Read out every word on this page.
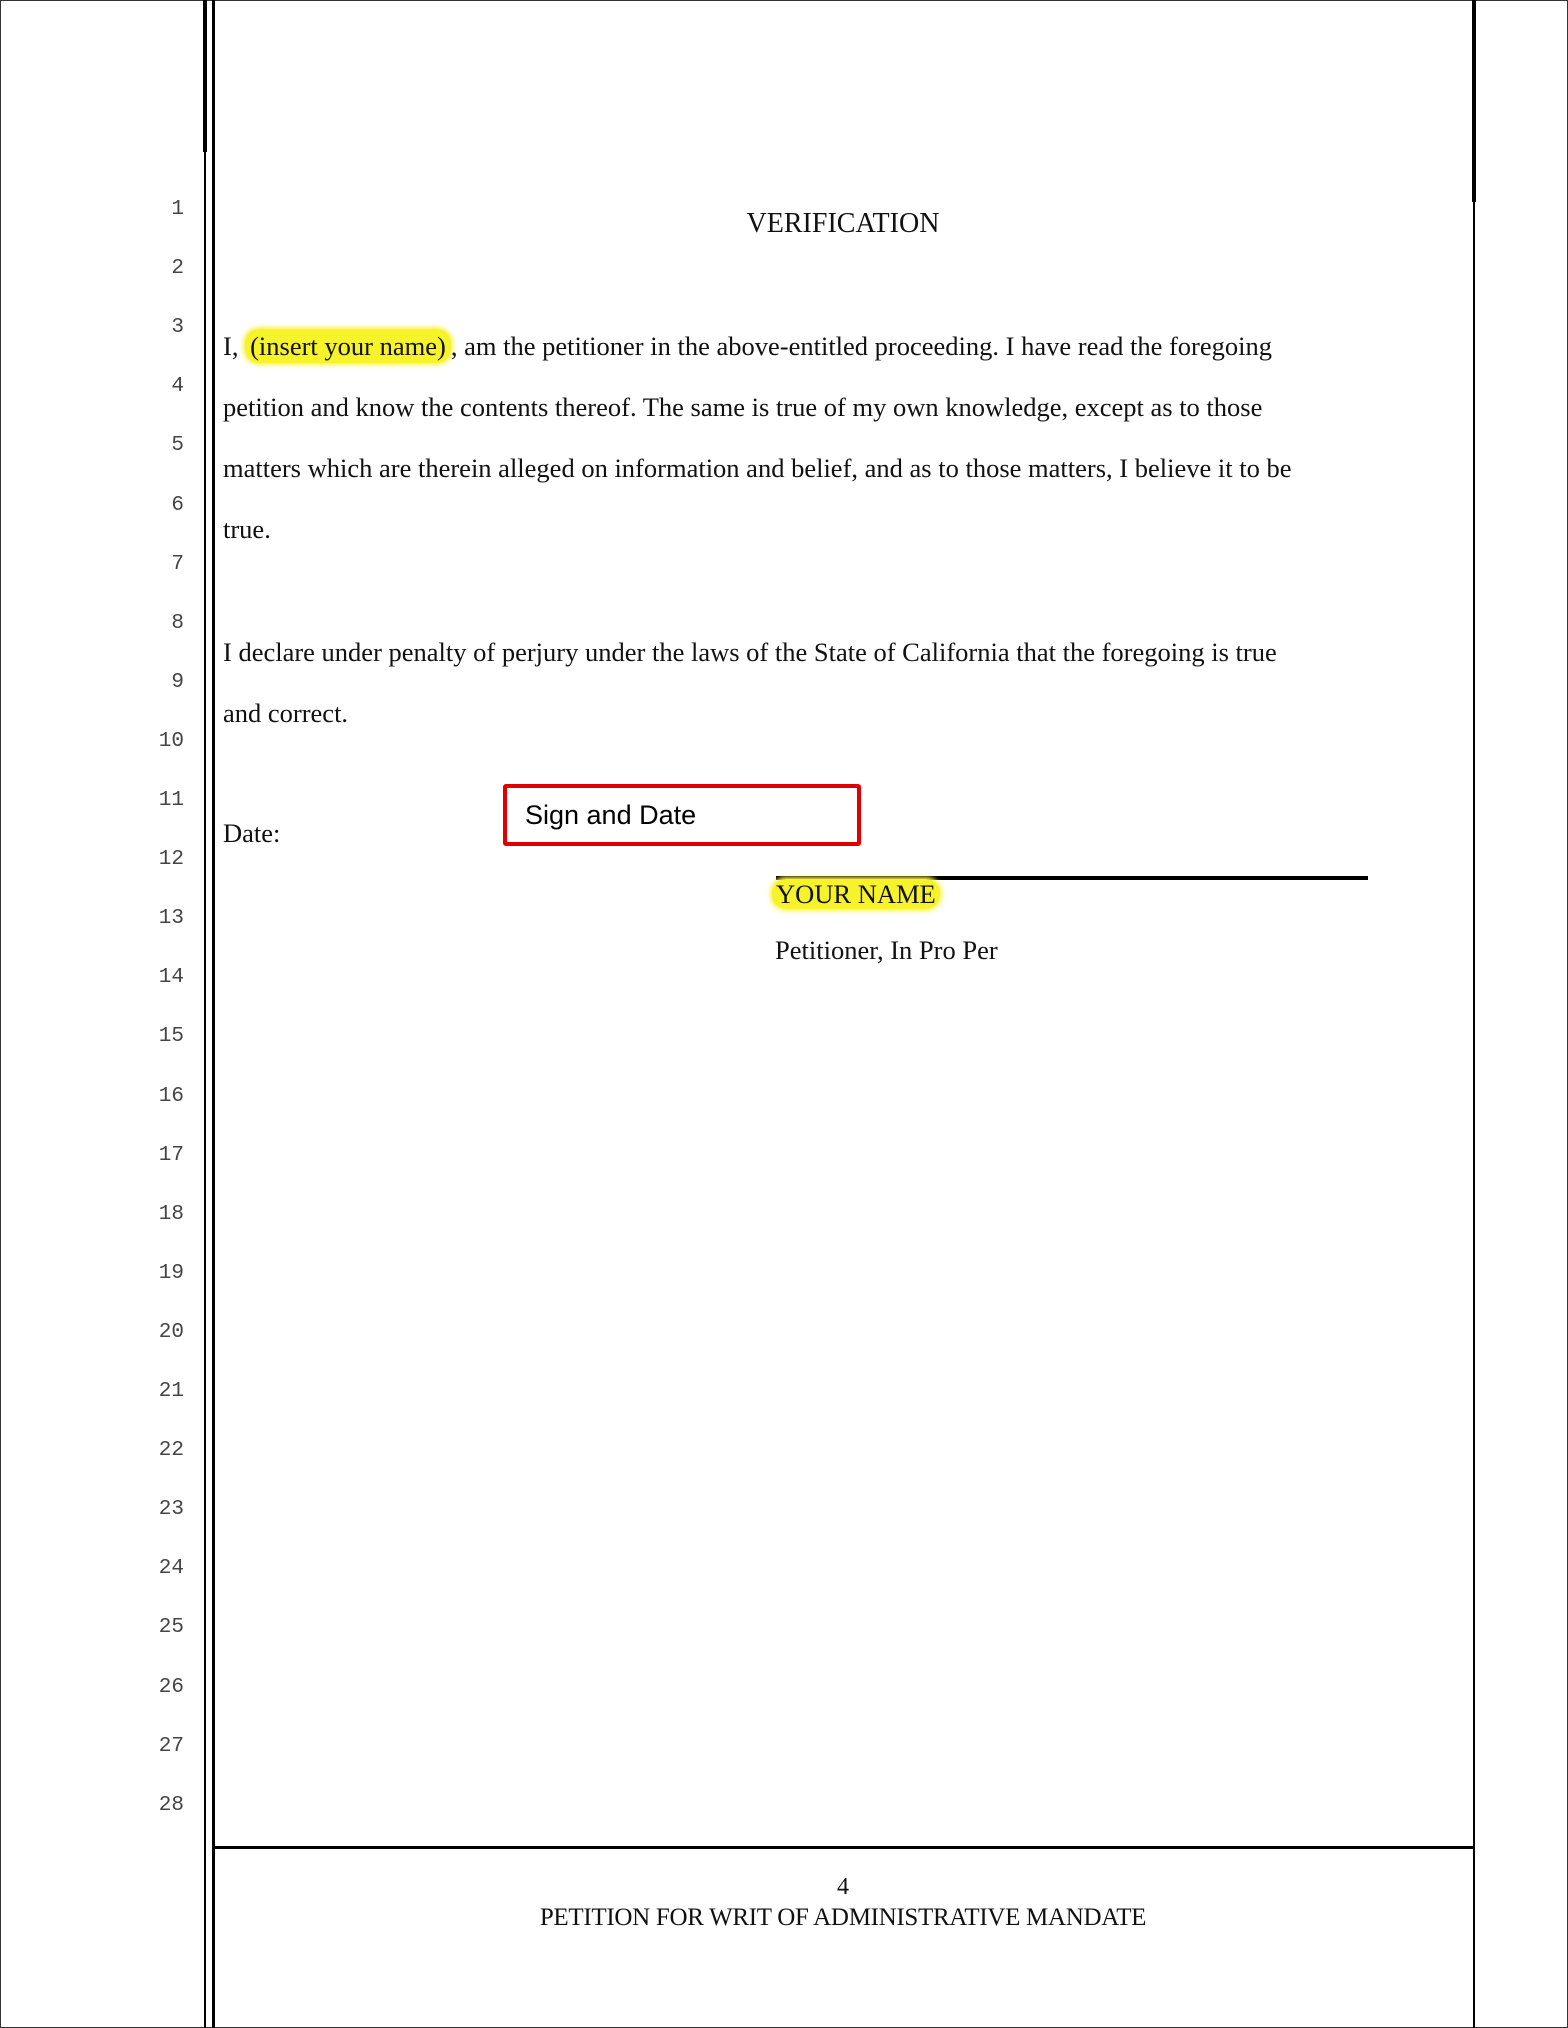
1
2
3
4
5
6
7
8
9
10
11
12
13
14
15
16
17
18
19
20
21
22
23
24
25
26
27
28
VERIFICATION
I, (insert your name) , am the petitioner in the above-entitled proceeding. I have read the foregoing
petition and know the contents thereof. The same is true of my own knowledge, except as to those
matters which are therein alleged on information and belief, and as to those matters, I believe it to be
true.
I declare under penalty of perjury under the laws of the State of California that the foregoing is true
and correct.
Date:
Sign and Date
YOUR NAME
Petitioner, In Pro Per
4
PETITION FOR WRIT OF ADMINISTRATIVE MANDATE
